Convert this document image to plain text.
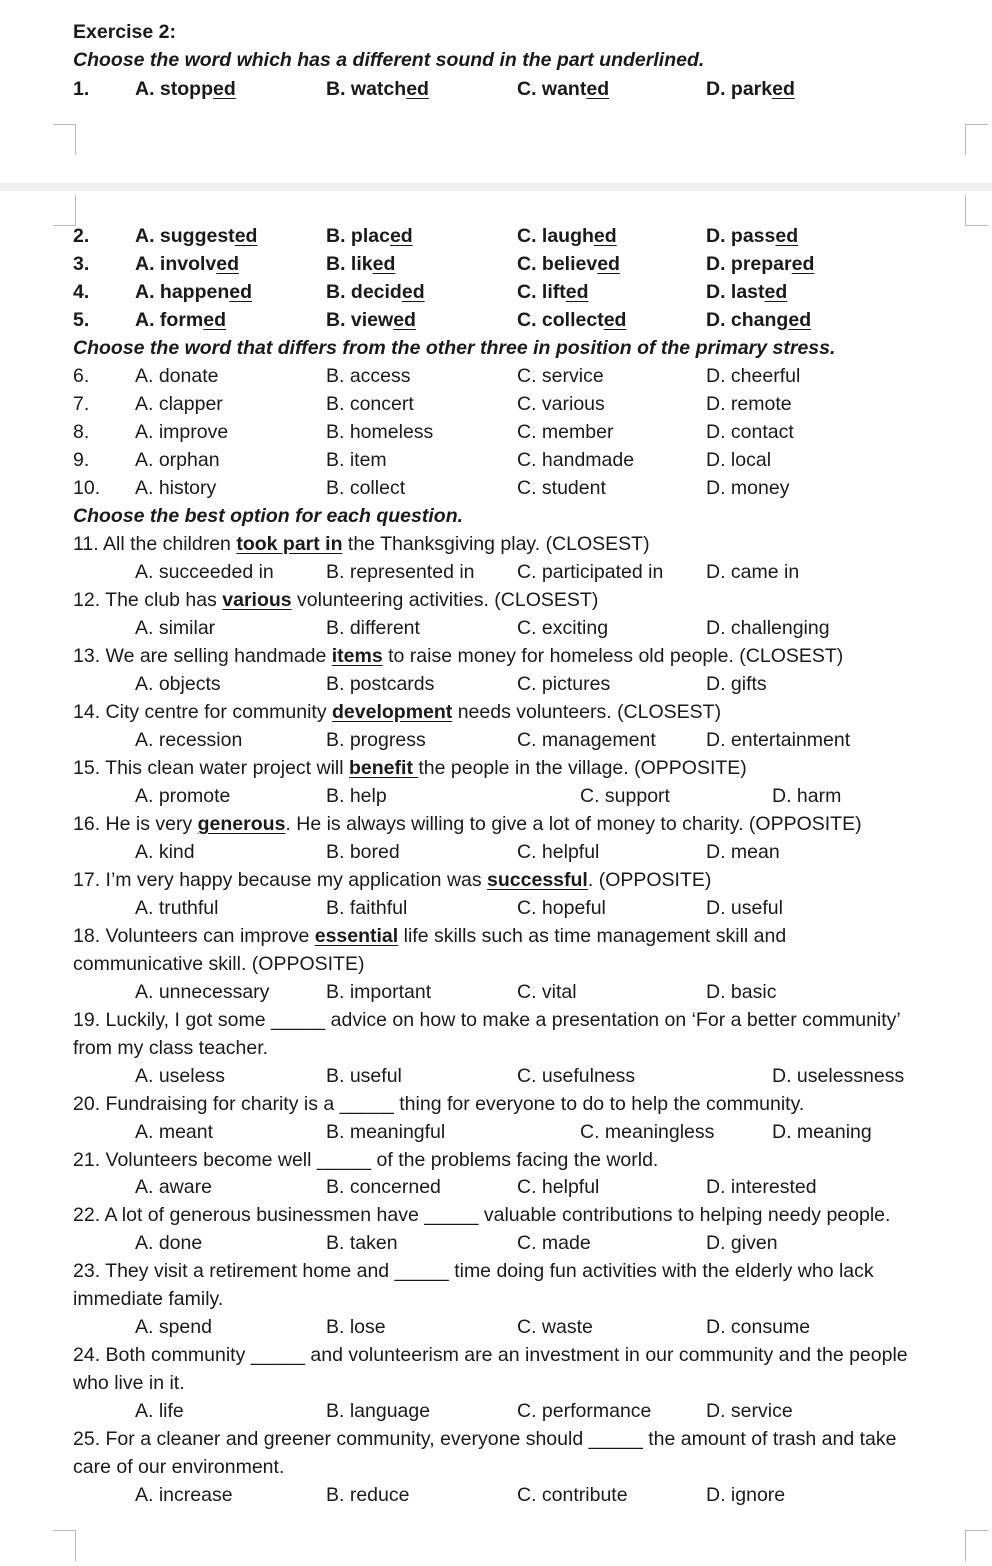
Exercise 2:
Choose the word which has a different sound in the part underlined.
1. A. stopped	B. watched	C. wanted	D. parked
2. A. suggested	B. placed	C. laughed	D. passed
3. A. involved	B. liked	C. believed	D. prepared
4. A. happened	B. decided	C. lifted	D. lasted
5. A. formed	B. viewed	C. collected	D. changed
Choose the word that differs from the other three in position of the primary stress.
6. A. donate	B. access	C. service	D. cheerful
7. A. clapper	B. concert	C. various	D. remote
8. A. improve	B. homeless	C. member	D. contact
9. A. orphan	B. item	C. handmade	D. local
10. A. history	B. collect	C. student	D. money
Choose the best option for each question.
11. All the children took part in the Thanksgiving play. (CLOSEST)
A. succeeded in	B. represented in C. participated in D. came in
12. The club has various volunteering activities. (CLOSEST)
A. similar	B. different	C. exciting	D. challenging
13. We are selling handmade items to raise money for homeless old people. (CLOSEST)
A. objects	B. postcards	C. pictures	D. gifts
14. City centre for community development needs volunteers. (CLOSEST)
A. recession	B. progress	C. management	D. entertainment
15. This clean water project will benefit the people in the village. (OPPOSITE)
A. promote	B. help	C. support	D. harm
16. He is very generous. He is always willing to give a lot of money to charity. (OPPOSITE)
A. kind	B. bored	C. helpful	D. mean
17. I’m very happy because my application was successful. (OPPOSITE)
A. truthful	B. faithful	C. hopeful	D. useful
18. Volunteers can improve essential life skills such as time management skill and
communicative skill. (OPPOSITE)
A. unnecessary	B. important	C. vital	D. basic
19. Luckily, I got some _____ advice on how to make a presentation on ‘For a better community’
from my class teacher.
A. useless	B. useful	C. usefulness	D. uselessness
20. Fundraising for charity is a _____ thing for everyone to do to help the community.
A. meant	B. meaningful	C. meaningless	D. meaning
21. Volunteers become well _____ of the problems facing the world.
A. aware	B. concerned	C. helpful	D. interested
22. A lot of generous businessmen have _____ valuable contributions to helping needy people.
A. done	B. taken	C. made	D. given
23. They visit a retirement home and _____ time doing fun activities with the elderly who lack
immediate family.
A. spend	B. lose	C. waste	D. consume
24. Both community _____ and volunteerism are an investment in our community and the people
who live in it.
A. life	B. language	C. performance	D. service
25. For a cleaner and greener community, everyone should _____ the amount of trash and take
care of our environment.
A. increase	B. reduce	C. contribute	D. ignore
